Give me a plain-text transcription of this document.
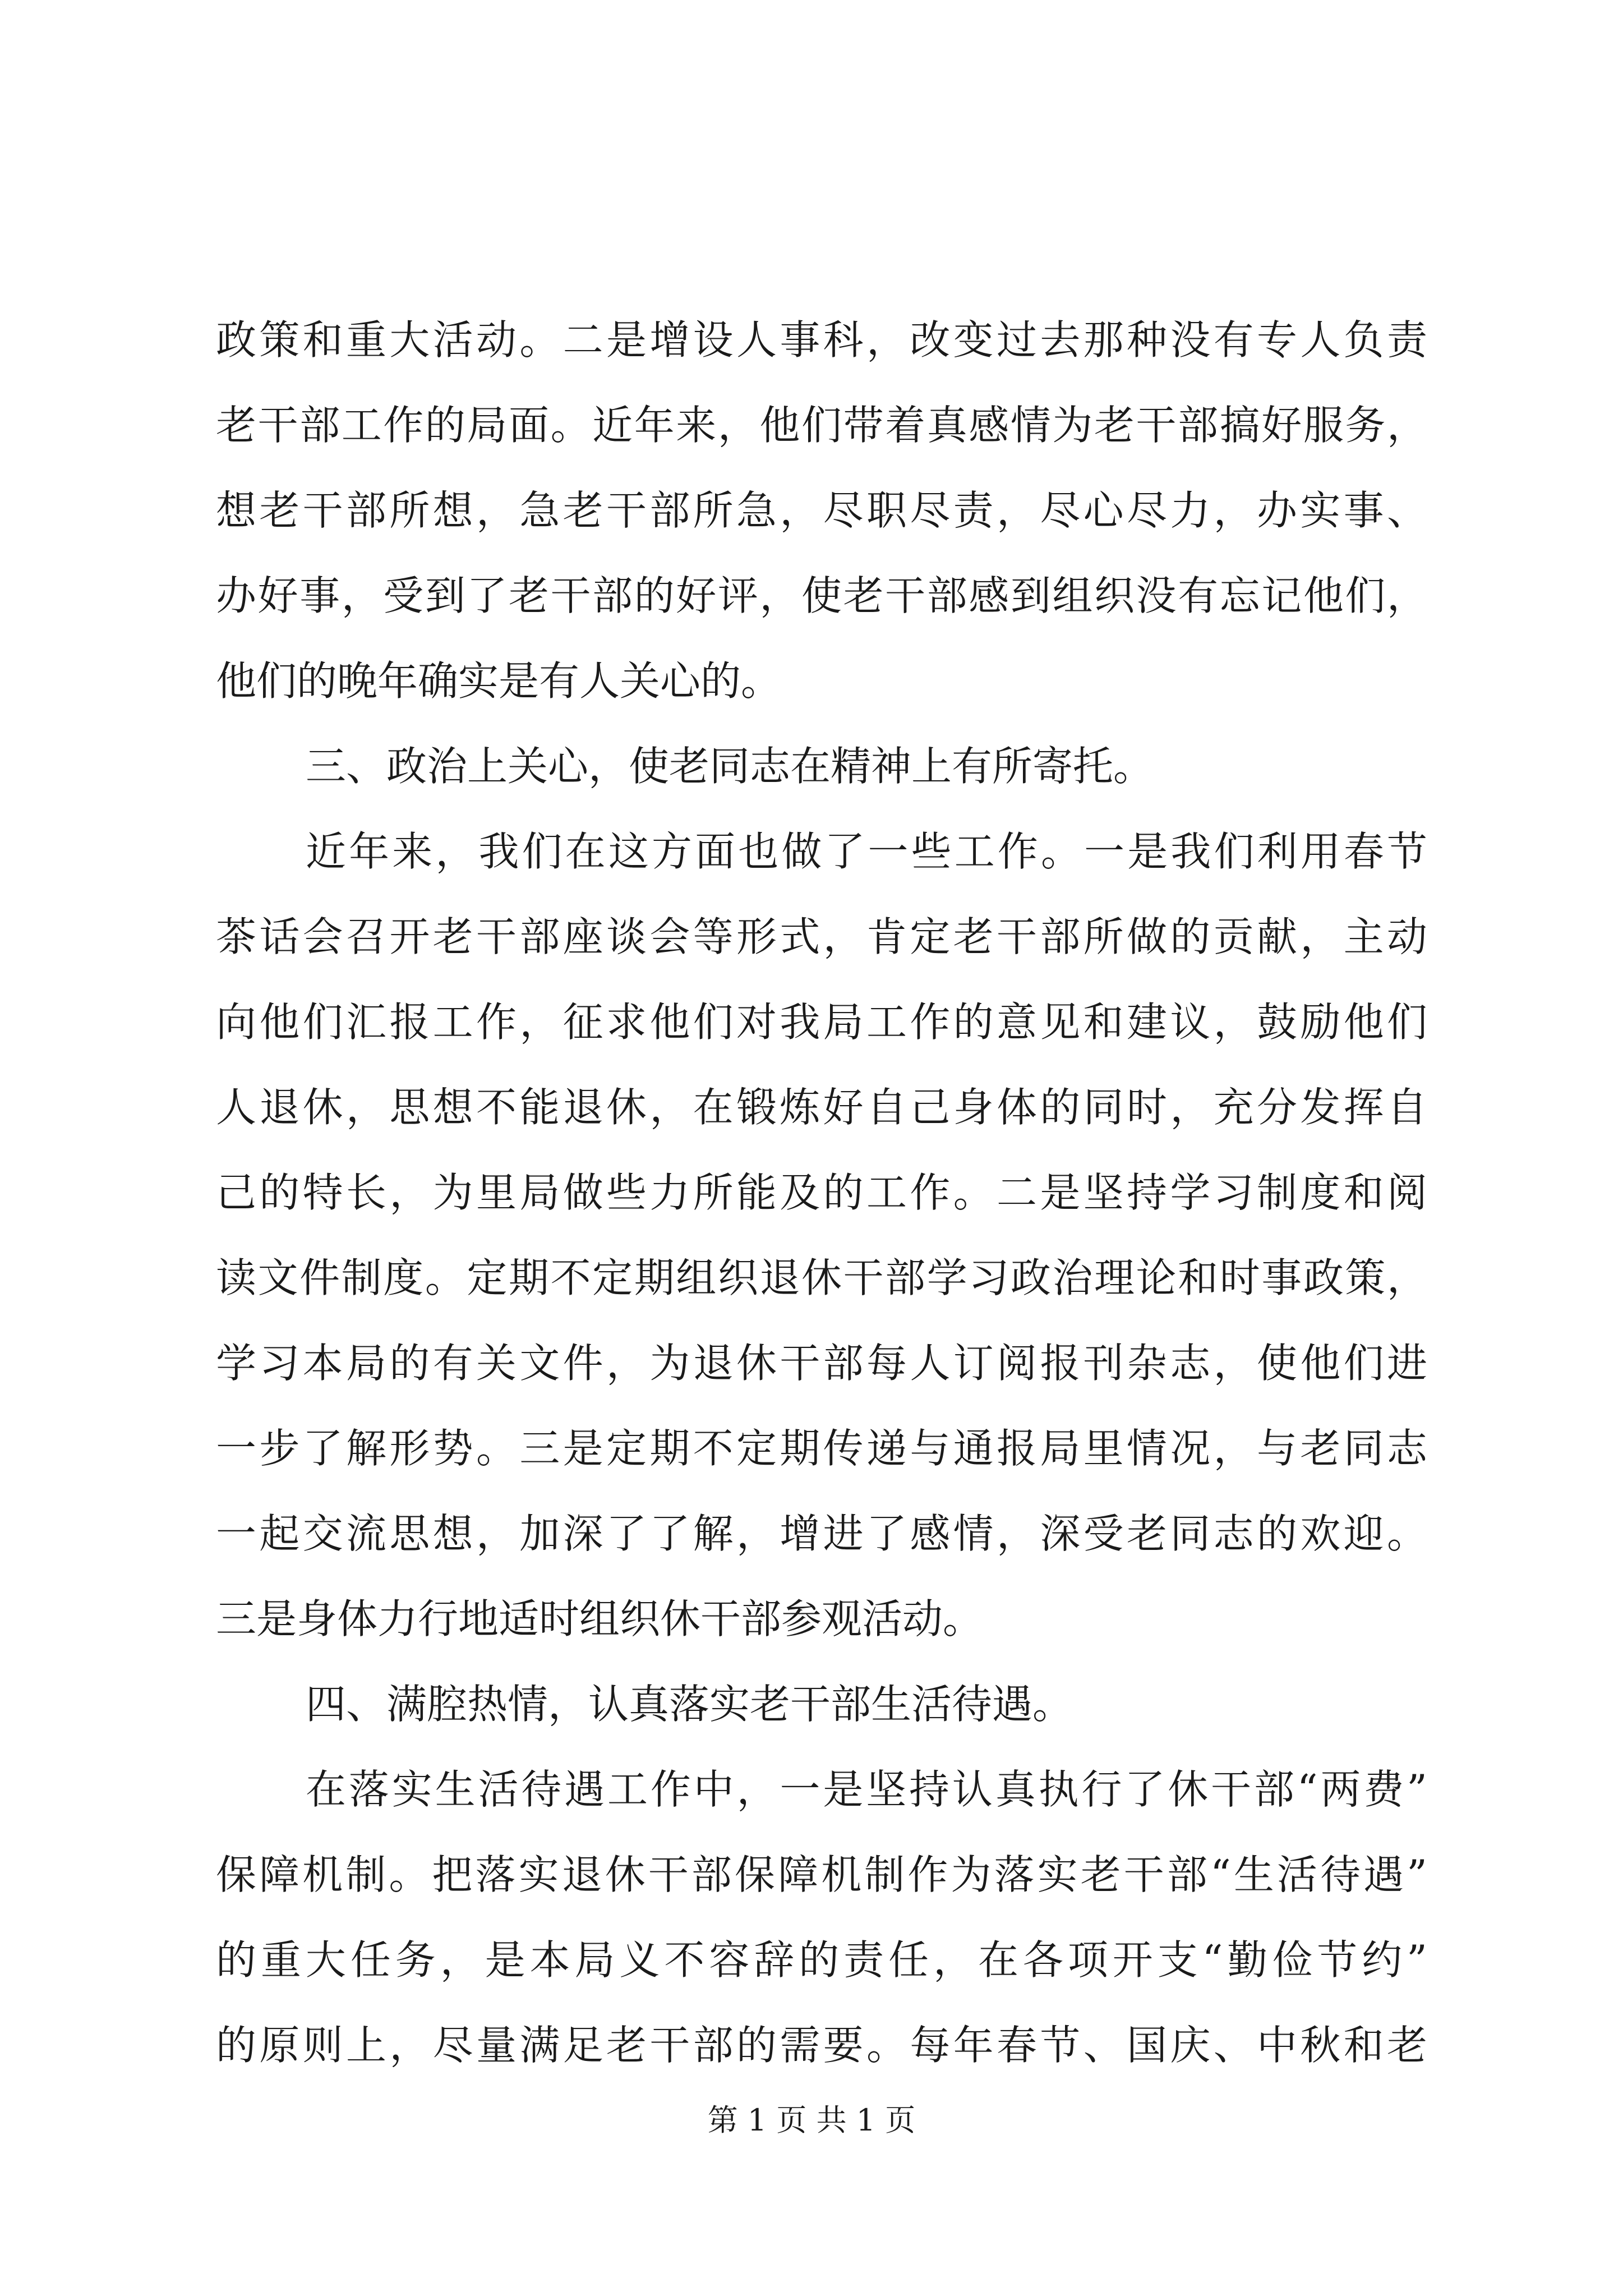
政策和重大活动。二是增设人事科，改变过去那种没有专人负责
老干部工作的局面。近年来，他们带着真感情为老干部搞好服务，
想老干部所想，急老干部所急，尽职尽责，尽心尽力，办实事、
办好事，受到了老干部的好评，使老干部感到组织没有忘记他们，
他们的晚年确实是有人关心的。
三、政治上关心，使老同志在精神上有所寄托。
近年来，我们在这方面也做了一些工作。一是我们利用春节
茶话会召开老干部座谈会等形式，肯定老干部所做的贡献，主动
向他们汇报工作，征求他们对我局工作的意见和建议，鼓励他们
人退休，思想不能退休，在锻炼好自己身体的同时，充分发挥自
己的特长，为里局做些力所能及的工作。二是坚持学习制度和阅
读文件制度。定期不定期组织退休干部学习政治理论和时事政策，
学习本局的有关文件，为退休干部每人订阅报刊杂志，使他们进
一步了解形势。三是定期不定期传递与通报局里情况，与老同志
一起交流思想，加深了了解，增进了感情，深受老同志的欢迎。
三是身体力行地适时组织休干部参观活动。
四、满腔热情，认真落实老干部生活待遇。
在落实生活待遇工作中，一是坚持认真执行了休干部“两费”
保障机制。把落实退休干部保障机制作为落实老干部“生活待遇”
的重大任务，是本局义不容辞的责任，在各项开支“勤俭节约”
的原则上，尽量满足老干部的需要。每年春节、国庆、中秋和老
第 1 页 共 1 页
